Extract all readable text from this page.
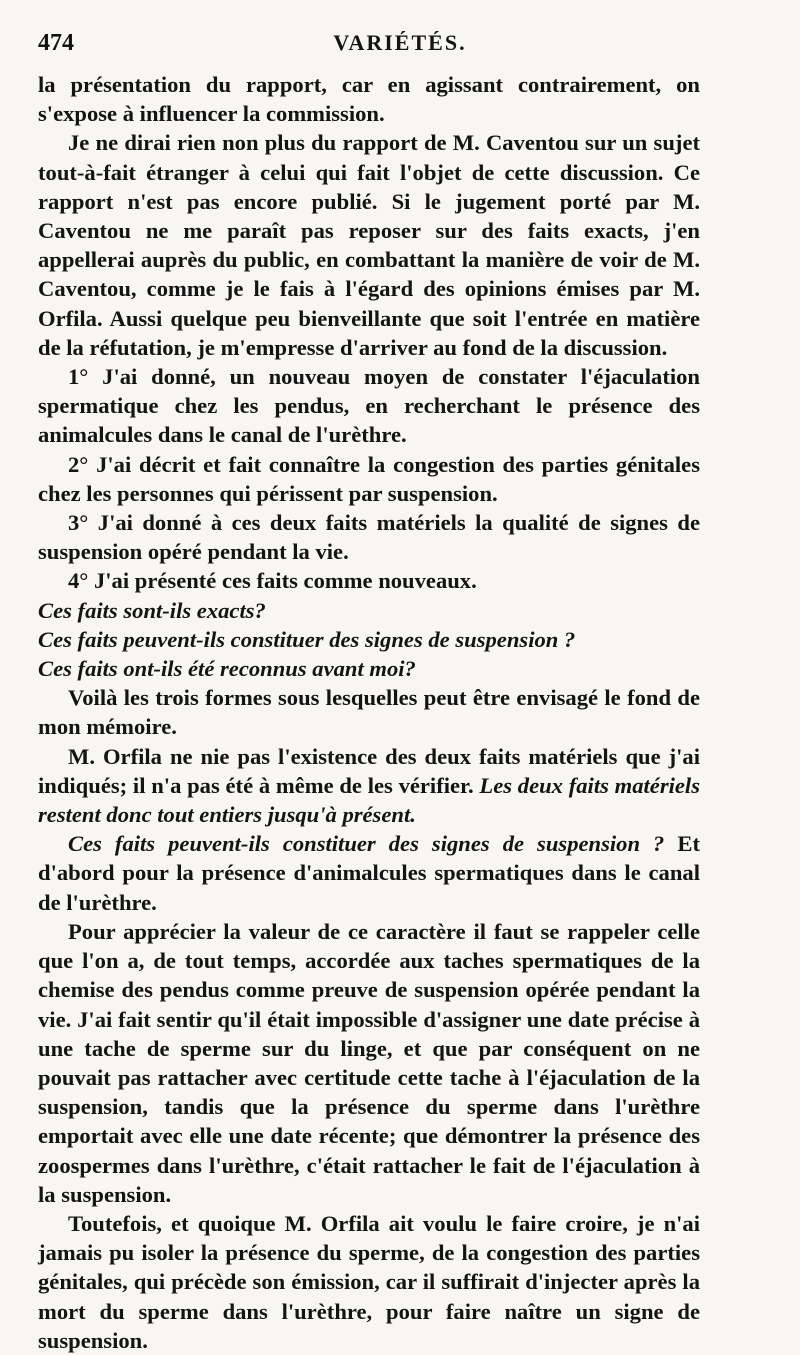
474	VARIÉTÉS.

la présentation du rapport, car en agissant contrairement, on s'expose à influencer la commission.

Je ne dirai rien non plus du rapport de M. Caventou sur un sujet tout-à-fait étranger à celui qui fait l'objet de cette discussion. Ce rapport n'est pas encore publié. Si le jugement porté par M. Caventou ne me paraît pas reposer sur des faits exacts, j'en appellerai auprès du public, en combattant la manière de voir de M. Caventou, comme je le fais à l'égard des opinions émises par M. Orfila. Aussi quelque peu bienveillante que soit l'entrée en matière de la réfutation, je m'empresse d'arriver au fond de la discussion.

1° J'ai donné, un nouveau moyen de constater l'éjaculation spermatique chez les pendus, en recherchant le présence des animalcules dans le canal de l'urèthre.

2° J'ai décrit et fait connaître la congestion des parties génitales chez les personnes qui périssent par suspension.

3° J'ai donné à ces deux faits matériels la qualité de signes de suspension opéré pendant la vie.

4° J'ai présenté ces faits comme nouveaux.

Ces faits sont-ils exacts?

Ces faits peuvent-ils constituer des signes de suspension ?

Ces faits ont-ils été reconnus avant moi?

Voilà les trois formes sous lesquelles peut être envisagé le fond de mon mémoire.

M. Orfila ne nie pas l'existence des deux faits matériels que j'ai indiqués; il n'a pas été à même de les vérifier. Les deux faits matériels restent donc tout entiers jusqu'à présent.

Ces faits peuvent-ils constituer des signes de suspension ? Et d'abord pour la présence d'animalcules spermatiques dans le canal de l'urèthre.

Pour apprécier la valeur de ce caractère il faut se rappeler celle que l'on a, de tout temps, accordée aux taches spermatiques de la chemise des pendus comme preuve de suspension opérée pendant la vie. J'ai fait sentir qu'il était impossible d'assigner une date précise à une tache de sperme sur du linge, et que par conséquent on ne pouvait pas rattacher avec certitude cette tache à l'éjaculation de la suspension, tandis que la présence du sperme dans l'urèthre emportait avec elle une date récente; que démontrer la présence des zoospermes dans l'urèthre, c'était rattacher le fait de l'éjaculation à la suspension.

Toutefois, et quoique M. Orfila ait voulu le faire croire, je n'ai jamais pu isoler la présence du sperme, de la congestion des parties génitales, qui précède son émission, car il suffirait d'injecter après la mort du sperme dans l'urèthre, pour faire naître un signe de suspension.
